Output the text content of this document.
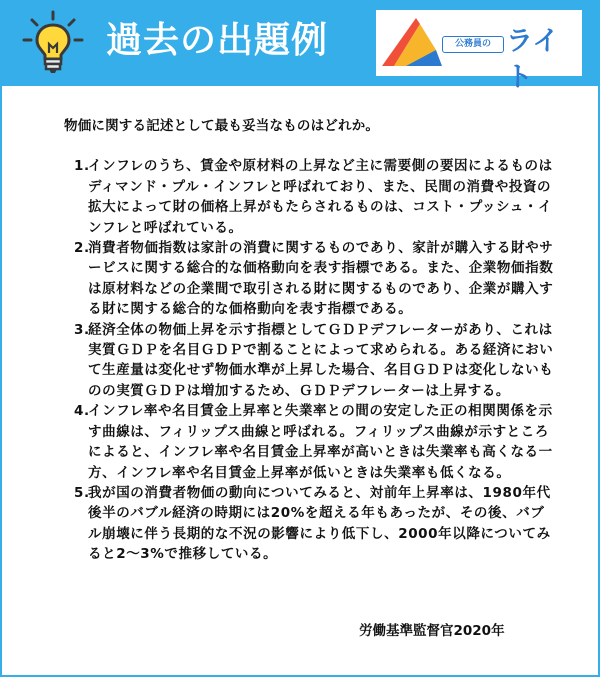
過去の出題例	公務員の ライト
物価に関する記述として最も妥当なものはどれか。
1.
インフレのうち、賃金や原材料の上昇など主に需要側の要因によるものはディマンド・プル・インフレと呼ばれており、また、民間の消費や投資の拡大によって財の価格上昇がもたらされるものは、コスト・プッシュ・インフレと呼ばれている。
2.
消費者物価指数は家計の消費に関するものであり、家計が購入する財やサービスに関する総合的な価格動向を表す指標である。また、企業物価指数は原材料などの企業間で取引される財に関するものであり、企業が購入する財に関する総合的な価格動向を表す指標である。
3.
経済全体の物価上昇を示す指標としてＧＤＰデフレーターがあり、これは実質ＧＤＰを名目ＧＤＰで割ることによって求められる。ある経済において生産量は変化せず物価水準が上昇した場合、名目ＧＤＰは変化しないものの実質ＧＤＰは増加するため、ＧＤＰデフレーターは上昇する。
4.
インフレ率や名目賃金上昇率と失業率との間の安定した正の相関関係を示す曲線は、フィリップス曲線と呼ばれる。フィリップス曲線が示すところによると、インフレ率や名目賃金上昇率が高いときは失業率も高くなる一方、インフレ率や名目賃金上昇率が低いときは失業率も低くなる。
5.
我が国の消費者物価の動向についてみると、対前年上昇率は、1980年代後半のバブル経済の時期には20%を超える年もあったが、その後、バブル崩壊に伴う長期的な不況の影響により低下し、2000年以降についてみると2〜3%で推移している。
労働基準監督官2020年
